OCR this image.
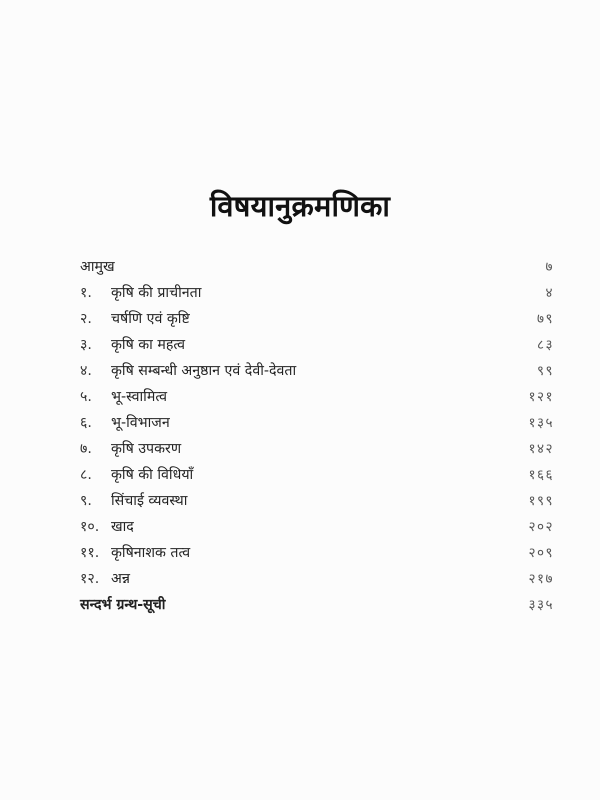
विषयानुक्रमणिका
आमुख	७
१.	कृषि की प्राचीनता	४
२.	चर्षणि एवं कृष्टि	७९
३.	कृषि का महत्व	८३
४.	कृषि सम्बन्धी अनुष्ठान एवं देवी-देवता	९९
५.	भू-स्वामित्व	१२१
६.	भू-विभाजन	१३५
७.	कृषि उपकरण	१४२
८.	कृषि की विधियाँ	१६६
९.	सिंचाई व्यवस्था	१९९
१०. खाद	२०२
११. कृषिनाशक तत्व	२०९
१२. अन्न	२१७
सन्दर्भ ग्रन्थ-सूची	३३५
